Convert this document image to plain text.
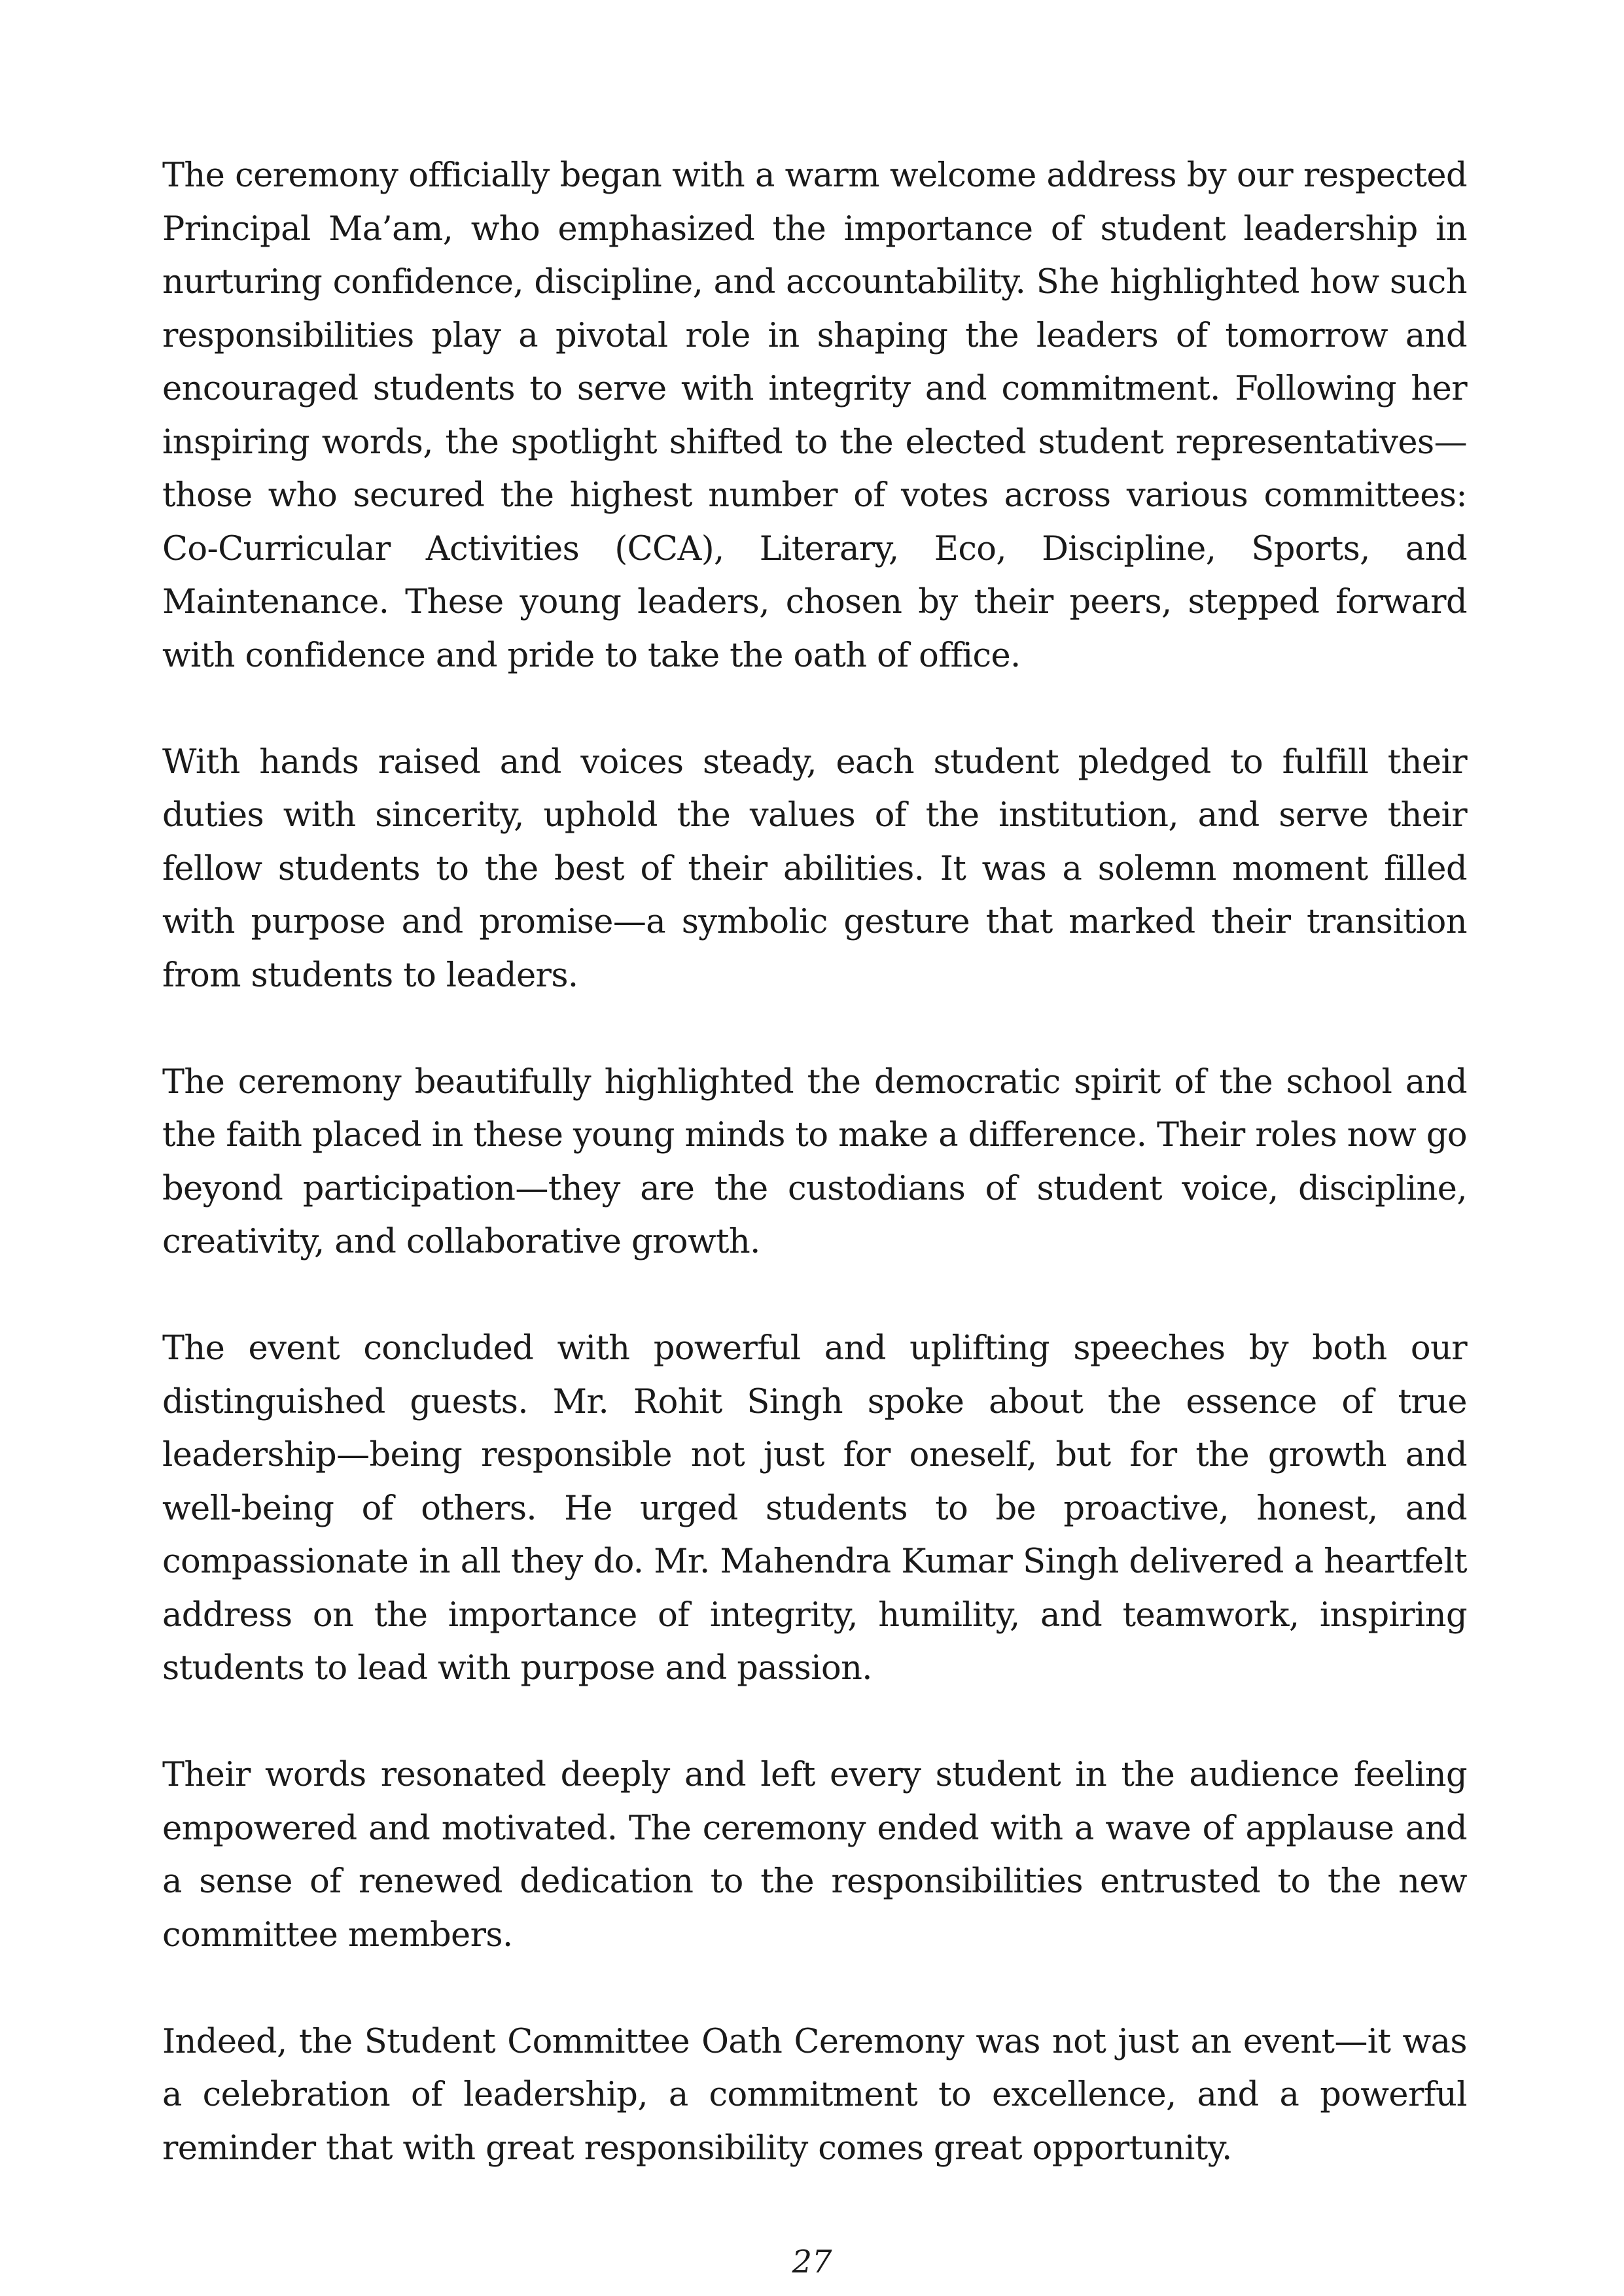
The ceremony officially began with a warm welcome address by our respected Principal Ma’am, who emphasized the importance of student leadership in nurturing confidence, discipline, and accountability. She highlighted how such responsibilities play a pivotal role in shaping the leaders of tomorrow and encouraged students to serve with integrity and commitment. Following her inspiring words, the spotlight shifted to the elected student representatives—those who secured the highest number of votes across various committees: Co-Curricular Activities (CCA), Literary, Eco, Discipline, Sports, and Maintenance. These young leaders, chosen by their peers, stepped forward with confidence and pride to take the oath of office.

With hands raised and voices steady, each student pledged to fulfill their duties with sincerity, uphold the values of the institution, and serve their fellow students to the best of their abilities. It was a solemn moment filled with purpose and promise—a symbolic gesture that marked their transition from students to leaders.

The ceremony beautifully highlighted the democratic spirit of the school and the faith placed in these young minds to make a difference. Their roles now go beyond participation—they are the custodians of student voice, discipline, creativity, and collaborative growth.

The event concluded with powerful and uplifting speeches by both our distinguished guests. Mr. Rohit Singh spoke about the essence of true leadership—being responsible not just for oneself, but for the growth and well-being of others. He urged students to be proactive, honest, and compassionate in all they do. Mr. Mahendra Kumar Singh delivered a heartfelt address on the importance of integrity, humility, and teamwork, inspiring students to lead with purpose and passion.

Their words resonated deeply and left every student in the audience feeling empowered and motivated. The ceremony ended with a wave of applause and a sense of renewed dedication to the responsibilities entrusted to the new committee members.

Indeed, the Student Committee Oath Ceremony was not just an event—it was a celebration of leadership, a commitment to excellence, and a powerful reminder that with great responsibility comes great opportunity.

27
